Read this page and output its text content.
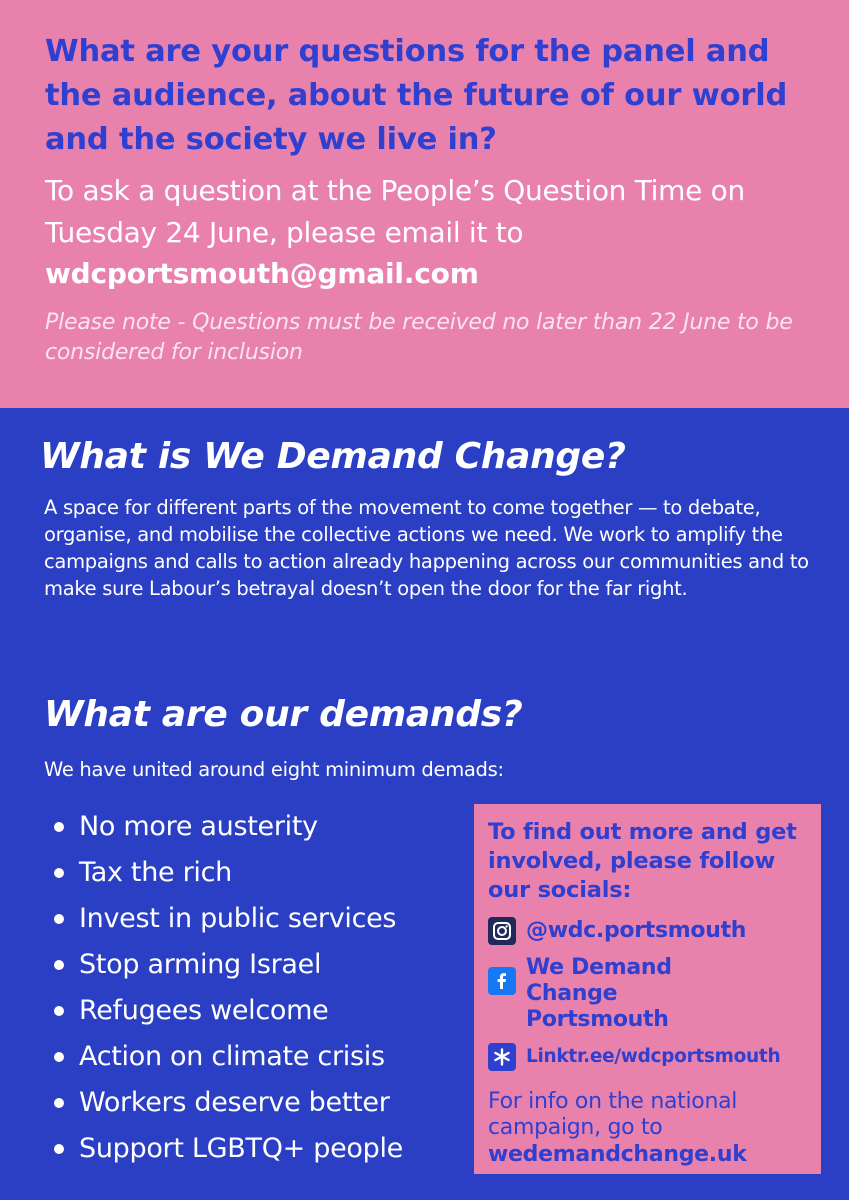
What are your questions for the panel and the audience, about the future of our world and the society we live in?

To ask a question at the People’s Question Time on Tuesday 24 June, please email it to

wdcportsmouth@gmail.com

Please note - Questions must be received no later than 22 June to be considered for inclusion

What is We Demand Change?

A space for different parts of the movement to come together — to debate, organise, and mobilise the collective actions we need. We work to amplify the campaigns and calls to action already happening across our communities and to make sure Labour’s betrayal doesn’t open the door for the far right.

What are our demands?

We have united around eight minimum demads:

No more austerity
Tax the rich
Invest in public services
Stop arming Israel
Refugees welcome
Action on climate crisis
Workers deserve better
Support LGBTQ+ people

To find out more and get involved, please follow our socials:

@wdc.portsmouth
We Demand Change Portsmouth
Linktr.ee/wdcportsmouth

For info on the national campaign, go to

wedemandchange.uk
